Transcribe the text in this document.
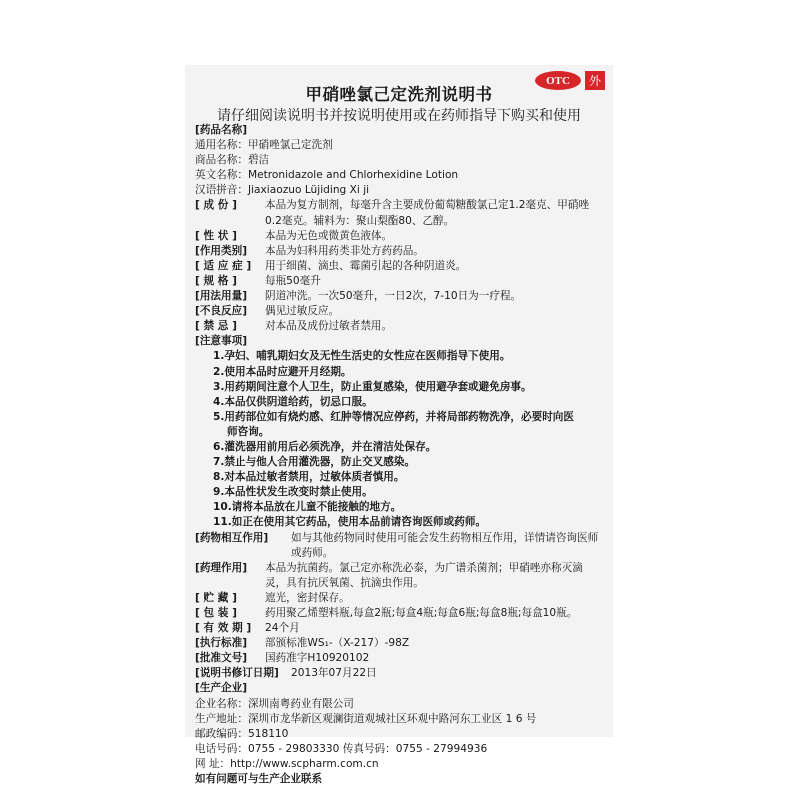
OTC	外
甲硝唑氯己定洗剂说明书
请仔细阅读说明书并按说明使用或在药师指导下购买和使用
[药品名称]
通用名称：甲硝唑氯己定洗剂
商品名称：碧洁
英文名称：Metronidazole and Chlorhexidine Lotion
汉语拼音：Jiaxiaozuo Lüjiding Xi ji
[ 成 份 ]	本品为复方制剂，每毫升含主要成份葡萄糖酸氯己定1.2毫克、甲硝唑0.2毫克。辅料为：聚山梨酯80、乙醇。
[ 性 状 ]	本品为无色或微黄色液体。
[作用类别] 本品为妇科用药类非处方药药品。
[ 适 应 症 ] 用于细菌、滴虫、霉菌引起的各种阴道炎。
[ 规 格 ]	每瓶50毫升
[用法用量] 阴道冲洗。一次50毫升，一日2次，7-10日为一疗程。
[不良反应] 偶见过敏反应。
[ 禁 忌 ]	对本品及成份过敏者禁用。
[注意事项]
1.孕妇、哺乳期妇女及无性生活史的女性应在医师指导下使用。
2.使用本品时应避开月经期。
3.用药期间注意个人卫生，防止重复感染，使用避孕套或避免房事。
4.本品仅供阴道给药，切忌口服。
5.用药部位如有烧灼感、红肿等情况应停药，并将局部药物洗净，必要时向医
师咨询。
6.灌洗器用前用后必须洗净，并在清洁处保存。
7.禁止与他人合用灌洗器，防止交叉感染。
8.对本品过敏者禁用，过敏体质者慎用。
9.本品性状发生改变时禁止使用。
10.请将本品放在儿童不能接触的地方。
11.如正在使用其它药品，使用本品前请咨询医师或药师。
[药物相互作用] 如与其他药物同时使用可能会发生药物相互作用，详情请咨询医师或药师。
[药理作用] 本品为抗菌药。氯己定亦称洗必泰，为广谱杀菌剂；甲硝唑亦称灭滴灵，具有抗厌氧菌、抗滴虫作用。
[ 贮 藏 ]	遮光，密封保存。
[ 包 装 ]	药用聚乙烯塑料瓶,每盒2瓶;每盒4瓶;每盒6瓶;每盒8瓶;每盒10瓶。
[ 有 效 期 ] 24个月
[执行标准] 部颁标准WS₁-（X-217）-98Z
[批准文号] 国药准字H10920102
[说明书修订日期] 2013年07月22日
[生产企业]
企业名称：深圳南粤药业有限公司
生产地址：深圳市龙华新区观澜街道观城社区环观中路河东工业区 1 6 号
邮政编码：518110
电话号码：0755 - 29803330 传真号码：0755 - 27994936
网 址：http://www.scpharm.com.cn
如有问题可与生产企业联系
